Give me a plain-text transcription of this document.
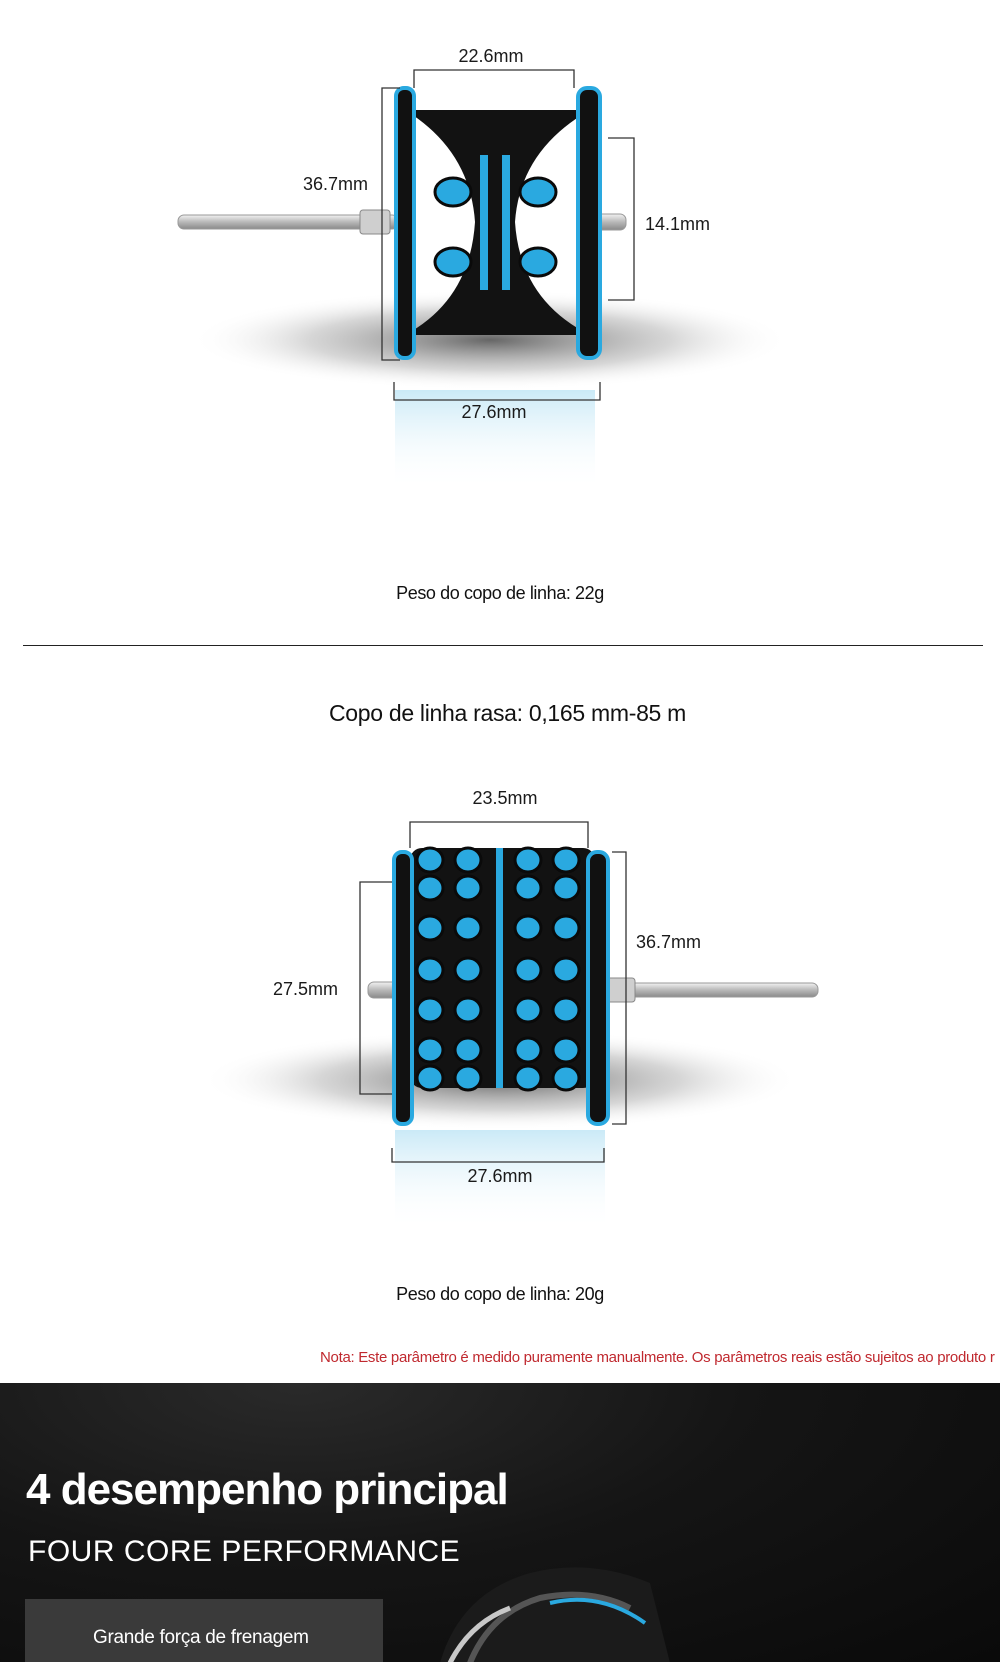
22.6mm
36.7mm
14.1mm
27.6mm
Peso do copo de linha: 22g
Copo de linha rasa: 0,165 mm-85 m
23.5mm
36.7mm
27.5mm
27.6mm
Peso do copo de linha: 20g
Nota: Este parâmetro é medido puramente manualmente. Os parâmetros reais estão sujeitos ao produto r
4 desempenho principal
FOUR CORE PERFORMANCE
Grande força de frenagem
